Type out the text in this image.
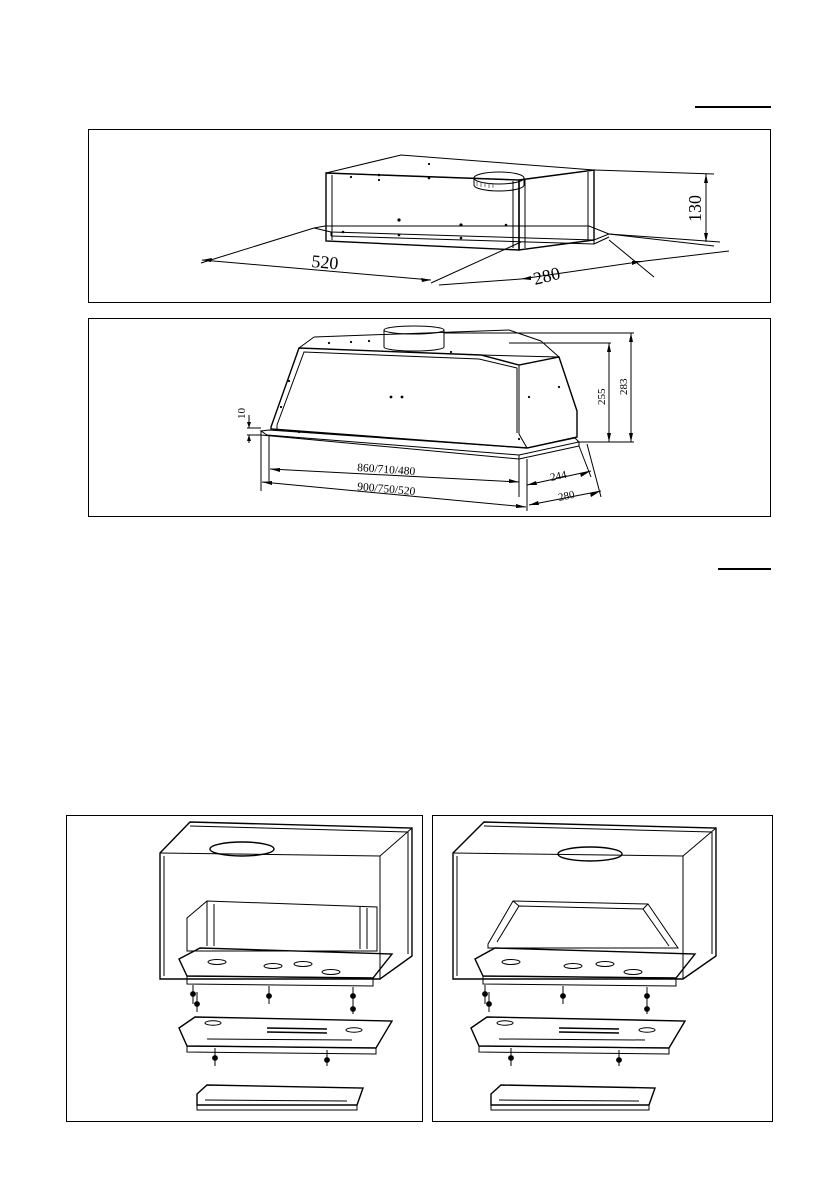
520
280
130
860/710/480
900/750/520
10
244
280
255
283
